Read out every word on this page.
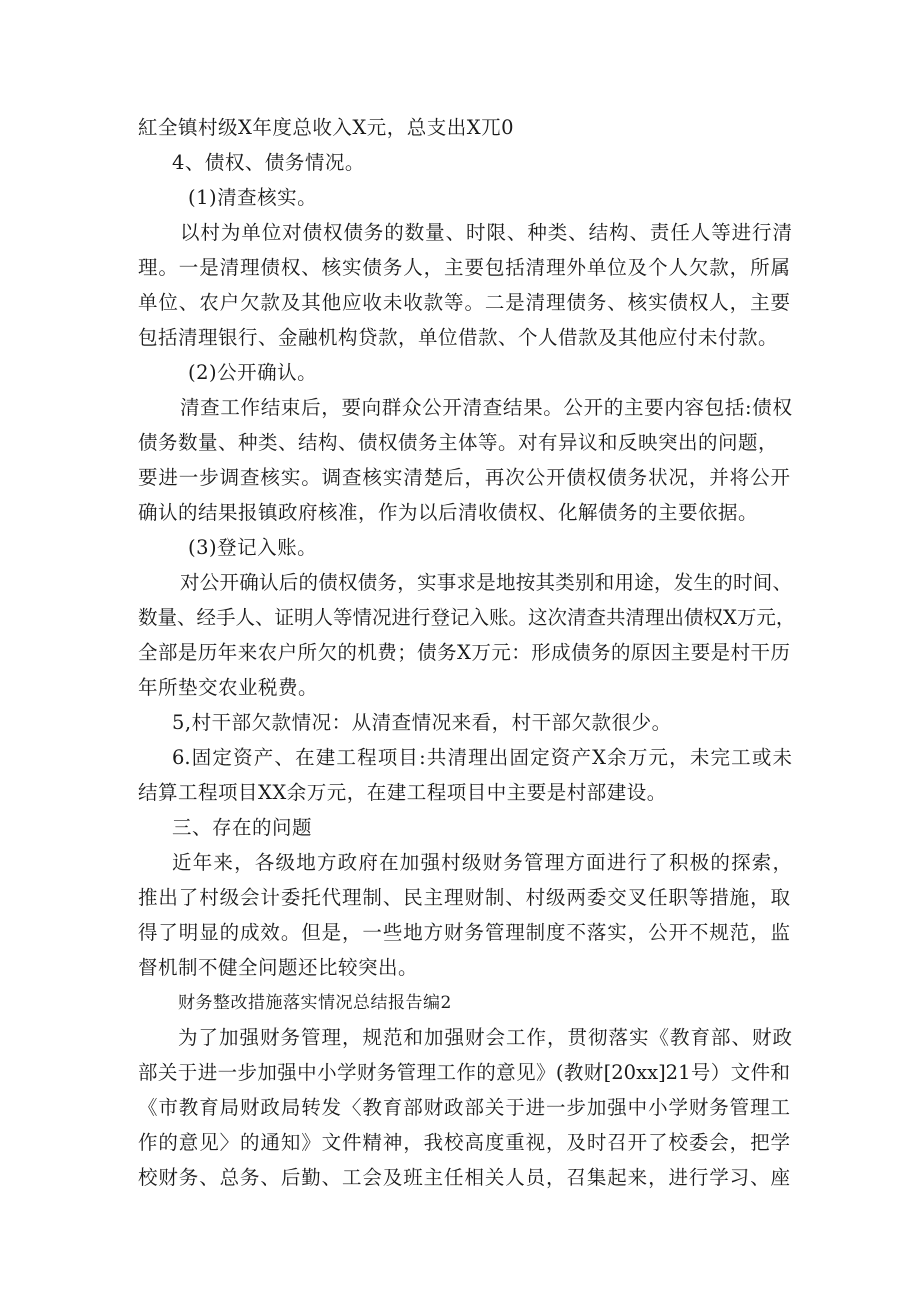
紅全镇村级X年度总收入X元，总支出X兀0
4、债权、债务情况。
(1)清查核实。
以村为单位对债权债务的数量、时限、种类、结构、责任人等进行清
理。一是清理债权、核实债务人，主要包括清理外单位及个人欠款，所属
单位、农户欠款及其他应收未收款等。二是清理债务、核实债权人，主要
包括清理银行、金融机构贷款，单位借款、个人借款及其他应付未付款。
(2)公开确认。
清查工作结束后，要向群众公开清查结果。公开的主要内容包括:债权
债务数量、种类、结构、债权债务主体等。对有异议和反映突出的问题，
要进一步调查核实。调查核实清楚后，再次公开债权债务状况，并将公开
确认的结果报镇政府核准，作为以后清收债权、化解债务的主要依据。
(3)登记入账。
对公开确认后的债权债务，实事求是地按其类别和用途，发生的时间、
数量、经手人、证明人等情况进行登记入账。这次清查共清理出债权X万元，
全部是历年来农户所欠的机费；债务X万元：形成债务的原因主要是村干历
年所垫交农业税费。
5,村干部欠款情况：从清查情况来看，村干部欠款很少。
6.固定资产、在建工程项目:共清理出固定资产X余万元，未完工或未
结算工程项目XX余万元，在建工程项目中主要是村部建设。
三、存在的问题
近年来，各级地方政府在加强村级财务管理方面进行了积极的探索，
推出了村级会计委托代理制、民主理财制、村级两委交叉任职等措施，取
得了明显的成效。但是，一些地方财务管理制度不落实，公开不规范，监
督机制不健全问题还比较突出。
财务整改措施落实情况总结报告编2
为了加强财务管理，规范和加强财会工作，贯彻落实《教育部、财政
部关于进一步加强中小学财务管理工作的意见》(教财[20xx]21号）文件和
《市教育局财政局转发〈教育部财政部关于进一步加强中小学财务管理工
作的意见〉的通知》文件精神，我校高度重视，及时召开了校委会，把学
校财务、总务、后勤、工会及班主任相关人员，召集起来，进行学习、座
